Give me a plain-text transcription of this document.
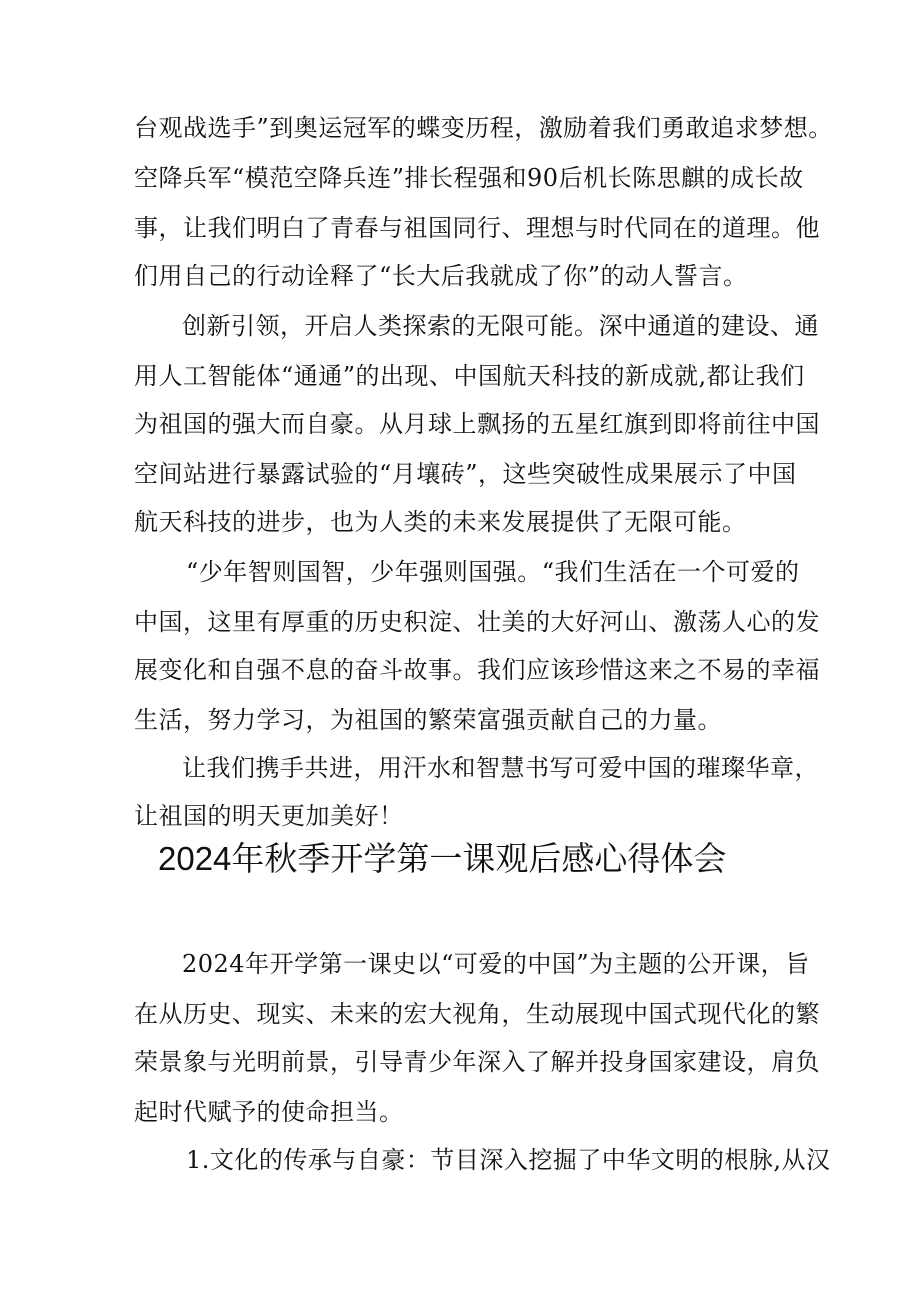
台观战选手”到奥运冠军的蝶变历程，激励着我们勇敢追求梦想。
空降兵军“模范空降兵连”排长程强和90后机长陈思麒的成长故
事，让我们明白了青春与祖国同行、理想与时代同在的道理。他
们用自己的行动诠释了“长大后我就成了你”的动人誓言。
创新引领，开启人类探索的无限可能。深中通道的建设、通
用人工智能体“通通”的出现、中国航天科技的新成就,都让我们
为祖国的强大而自豪。从月球上飘扬的五星红旗到即将前往中国
空间站进行暴露试验的“月壤砖”，这些突破性成果展示了中国
航天科技的进步，也为人类的未来发展提供了无限可能。
“少年智则国智，少年强则国强。“我们生活在一个可爱的
中国，这里有厚重的历史积淀、壮美的大好河山、激荡人心的发
展变化和自强不息的奋斗故事。我们应该珍惜这来之不易的幸福
生活，努力学习，为祖国的繁荣富强贡献自己的力量。
让我们携手共进，用汗水和智慧书写可爱中国的璀璨华章，
让祖国的明天更加美好！
2024年秋季开学第一课观后感心得体会
2024年开学第一课史以“可爱的中国”为主题的公开课，旨
在从历史、现实、未来的宏大视角，生动展现中国式现代化的繁
荣景象与光明前景，引导青少年深入了解并投身国家建设，肩负
起时代赋予的使命担当。
1.文化的传承与自豪：节目深入挖掘了中华文明的根脉,从汉
